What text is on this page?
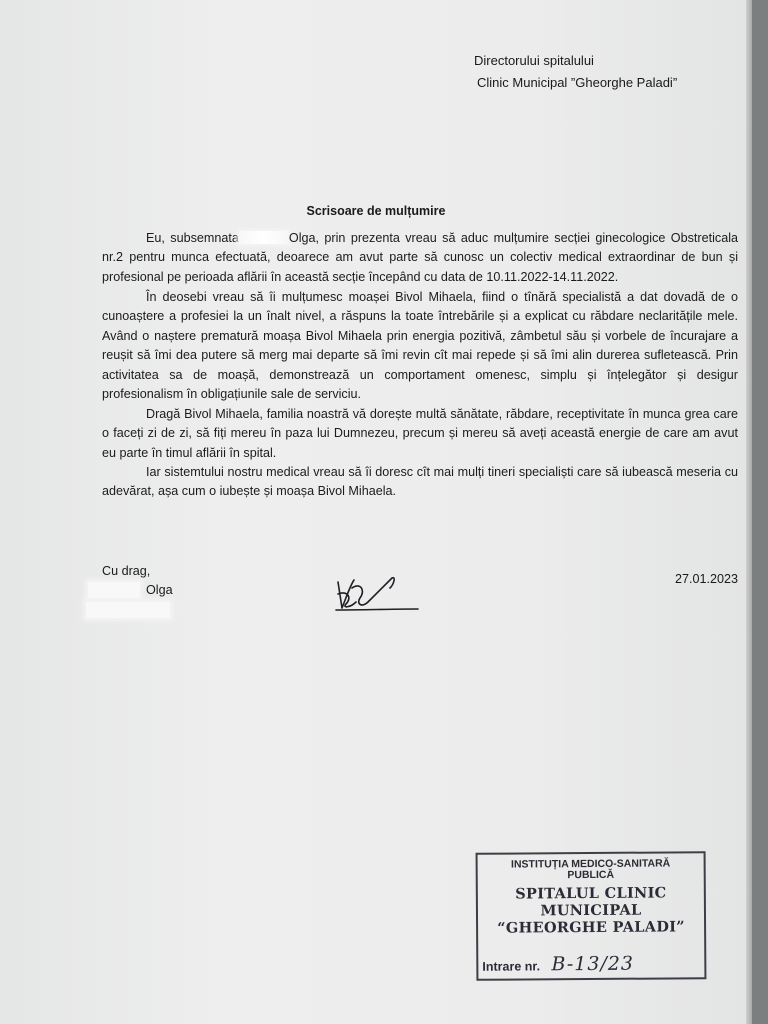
Directorului spitalului
Clinic Municipal ”Gheorghe Paladi”
Scrisoare de mulțumire
Eu, subsemnata	Olga, prin prezenta vreau să aduc mulțumire secției ginecologice Obstreticala nr.2 pentru munca efectuată, deoarece am avut parte să cunosc un colectiv medical extraordinar de bun și profesional pe perioada aflării în această secție începând cu data de 10.11.2022-14.11.2022.
În deosebi vreau să îi mulțumesc moașei Bivol Mihaela, fiind o tînără specialistă a dat dovadă de o cunoaștere a profesiei la un înalt nivel, a răspuns la toate întrebările și a explicat cu răbdare neclaritățile mele. Având o naștere prematură moașa Bivol Mihaela prin energia pozitivă, zâmbetul său și vorbele de încurajare a reușit să îmi dea putere să merg mai departe să îmi revin cît mai repede și să îmi alin durerea sufletească. Prin activitatea sa de moașă, demonstrează un comportament omenesc, simplu și înțelegător și desigur profesionalism în obligațiunile sale de serviciu.
Dragă Bivol Mihaela, familia noastră vă dorește multă sănătate, răbdare, receptivitate în munca grea care o faceți zi de zi, să fiți mereu în paza lui Dumnezeu, precum și mereu să aveți această energie de care am avut eu parte în timul aflării în spital.
Iar sistemtului nostru medical vreau să îi doresc cît mai mulți tineri specialiști care să iubească meseria cu adevărat, așa cum o iubește și moașa Bivol Mihaela.
Cu drag,
Olga
27.01.2023
INSTITUȚIA MEDICO-SANITARĂ
PUBLICĂ
SPITALUL CLINIC
MUNICIPAL
“GHEORGHE PALADI”
Intrare nr. B-13/23
